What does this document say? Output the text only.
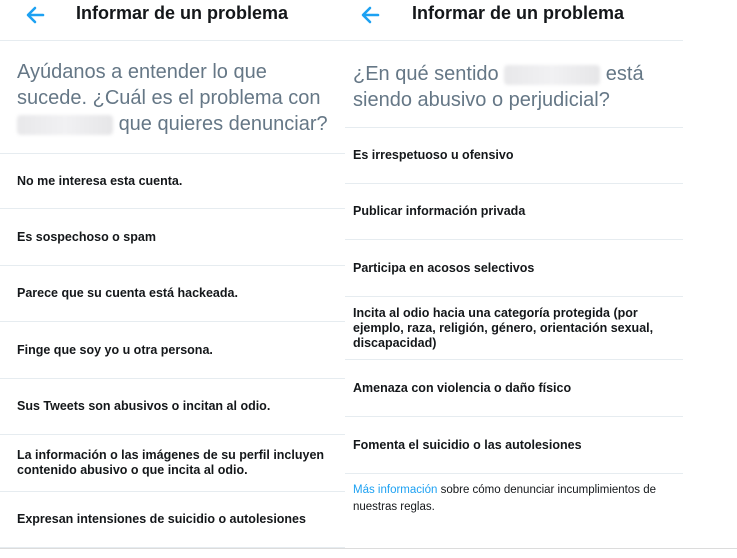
Informar de un problema
Ayúdanos a entender lo que sucede. ¿Cuál es el problema con  que quieres denunciar?
No me interesa esta cuenta.
Es sospechoso o spam
Parece que su cuenta está hackeada.
Finge que soy yo u otra persona.
Sus Tweets son abusivos o incitan al odio.
La información o las imágenes de su perfil incluyen contenido abusivo o que incita al odio.
Expresan intensiones de suicidio o autolesiones
Informar de un problema
¿En qué sentido	está siendo abusivo o perjudicial?
Es irrespetuoso u ofensivo
Publicar información privada
Participa en acosos selectivos
Incita al odio hacia una categoría protegida (por ejemplo, raza, religión, género, orientación sexual, discapacidad)
Amenaza con violencia o daño físico
Fomenta el suicidio o las autolesiones
Más información sobre cómo denunciar incumplimientos de nuestras reglas.
